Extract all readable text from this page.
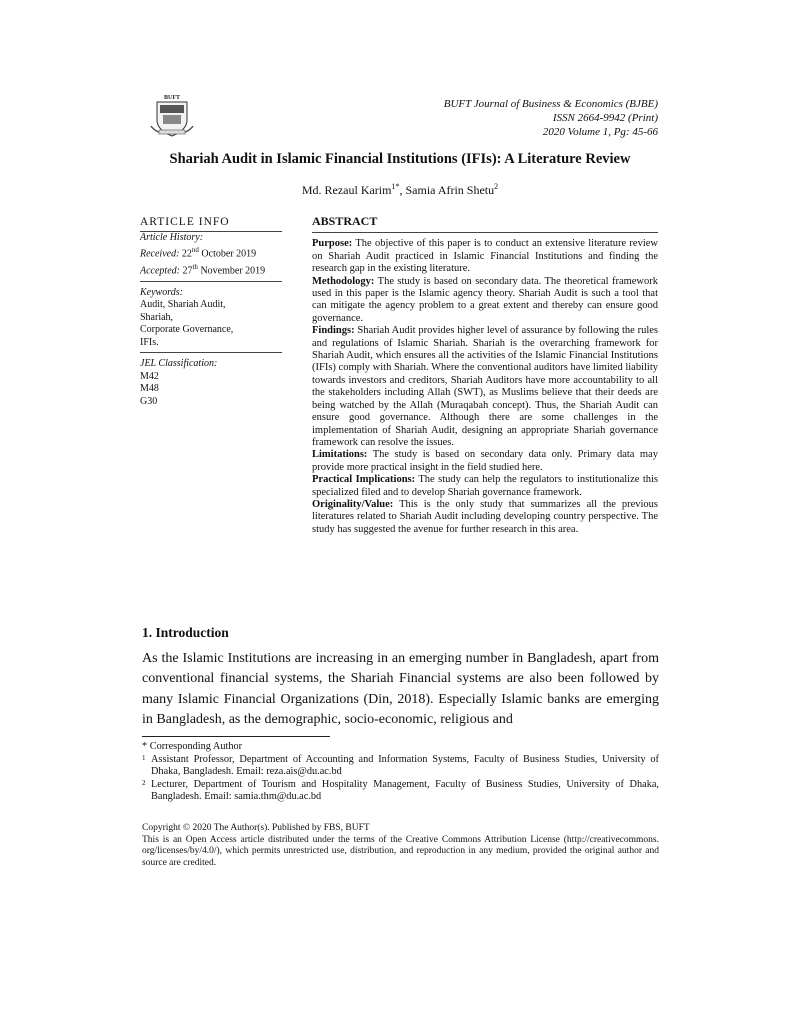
BUFT	BUFT Journal of Business & Economics (BJBE)
ISSN 2664-9942 (Print)
2020 Volume 1, Pg: 45-66
Shariah Audit in Islamic Financial Institutions (IFIs): A Literature Review
Md. Rezaul Karim$^{1*}$, Samia Afrin Shetu$^2$
ARTICLE INFO
Article History:
Received: 22nd October 2019
Accepted: 27th November 2019
Keywords:
Audit, Shariah Audit,
Shariah,
Corporate Governance,
IFIs.
JEL Classification:
M42
M48
G30
ABSTRACT

Purpose: The objective of this paper is to conduct an extensive literature review on Shariah Audit practiced in Islamic Financial Institutions and finding the research gap in the existing literature.

Methodology: The study is based on secondary data. The theoretical framework used in this paper is the Islamic agency theory. Shariah Audit is such a tool that can mitigate the agency problem to a great extent and thereby can ensure good governance.

Findings: Shariah Audit provides higher level of assurance by following the rules and regulations of Islamic Shariah. Shariah is the overarching framework for Shariah Audit, which ensures all the activities of the Islamic Financial Institutions (IFIs) comply with Shariah. Where the conventional auditors have limited liability towards investors and creditors, Shariah Auditors have more accountability to all the stakeholders including Allah (SWT), as Muslims believe that their deeds are being watched by the Allah (Muraqabah concept). Thus, the Shariah Audit can ensure good governance. Although there are some challenges in the implementation of Shariah Audit, designing an appropriate Shariah governance framework can resolve the issues.

Limitations: The study is based on secondary data only. Primary data may provide more practical insight in the field studied here.

Practical Implications: The study can help the regulators to institutionalize this specialized filed and to develop Shariah governance framework.

Originality/Value: This is the only study that summarizes all the previous literatures related to Shariah Audit including developing country perspective. The study has suggested the avenue for further research in this area.

1. Introduction
As the Islamic Institutions are increasing in an emerging number in Bangladesh, apart from conventional financial systems, the Shariah Financial systems are also been followed by many Islamic Financial Organizations (Din, 2018). Especially Islamic banks are emerging in Bangladesh, as the demographic, socio-economic, religious and
* Corresponding Author
1 Assistant Professor, Department of Accounting and Information Systems, Faculty of Business Studies, University of Dhaka, Bangladesh. Email: reza.ais@du.ac.bd
2 Lecturer, Department of Tourism and Hospitality Management, Faculty of Business Studies, University of Dhaka, Bangladesh. Email: samia.thm@du.ac.bd
Copyright © 2020 The Author(s). Published by FBS, BUFT
This is an Open Access article distributed under the terms of the Creative Commons Attribution License (http://creativecommons. org/licenses/by/4.0/), which permits unrestricted use, distribution, and reproduction in any medium, provided the original author and source are credited.
